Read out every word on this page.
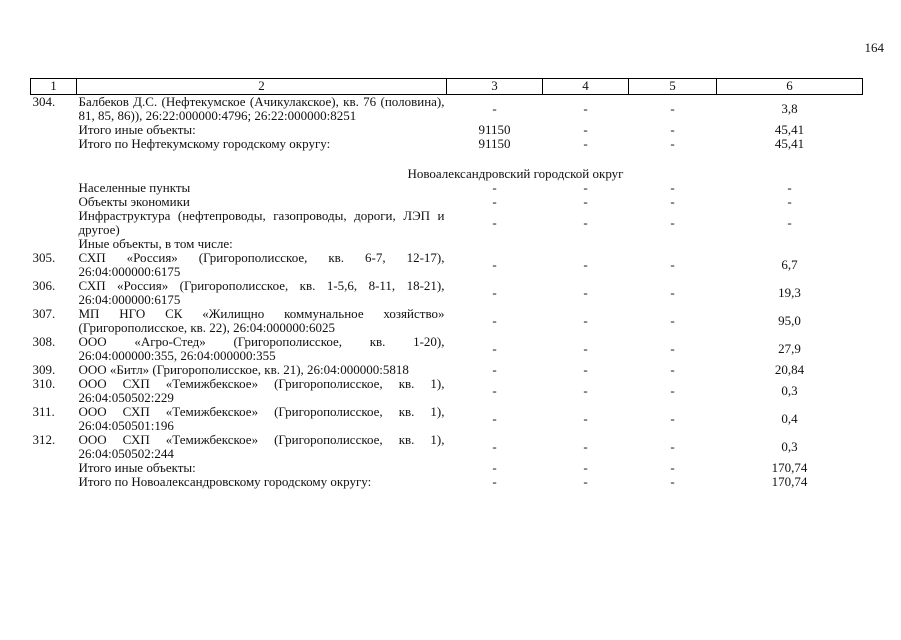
164
1	2	3	4	5	6
304.	Балбеков Д.С. (Нефтекумское (Ачикулакское), кв. 76 (половина), 81, 85, 86)), 26:22:000000:4796; 26:22:000000:8251	-	-	-	3,8
	Итого иные объекты:	91150	-	-	45,41
	Итого по Нефтекумскому городскому округу:	91150	-	-	45,41

Новоалександровский городской округ					
	Населенные пункты	-	-	-	-
	Объекты экономики	-	-	-	-
	Инфраструктура (нефтепроводы, газопроводы, дороги, ЛЭП и другое)	-	-	-	-
	Иные объекты, в том числе:				
305.	СХП «Россия» (Григорополисское, кв. 6-7, 12-17), 26:04:000000:6175	-	-	-	6,7
306.	СХП «Россия» (Григорополисское, кв. 1-5,6, 8-11, 18-21), 26:04:000000:6175	-	-	-	19,3
307.	МП НГО СК «Жилищно коммунальное хозяйство» (Григорополисское, кв. 22), 26:04:000000:6025	-	-	-	95,0
308.	ООО «Агро-Стед» (Григорополисское, кв. 1-20), 26:04:000000:355, 26:04:000000:355	-	-	-	27,9
309.	ООО «Битл» (Григорополисское, кв. 21), 26:04:000000:5818	-	-	-	20,84
310.	ООО СХП «Темижбекское» (Григорополисское, кв. 1), 26:04:050502:229	-	-	-	0,3
311.	ООО СХП «Темижбекское» (Григорополисское, кв. 1), 26:04:050501:196	-	-	-	0,4
312.	ООО СХП «Темижбекское» (Григорополисское, кв. 1), 26:04:050502:244	-	-	-	0,3
	Итого иные объекты:	-	-	-	170,74
	Итого по Новоалександровскому городскому округу:	-	-	-	170,74
